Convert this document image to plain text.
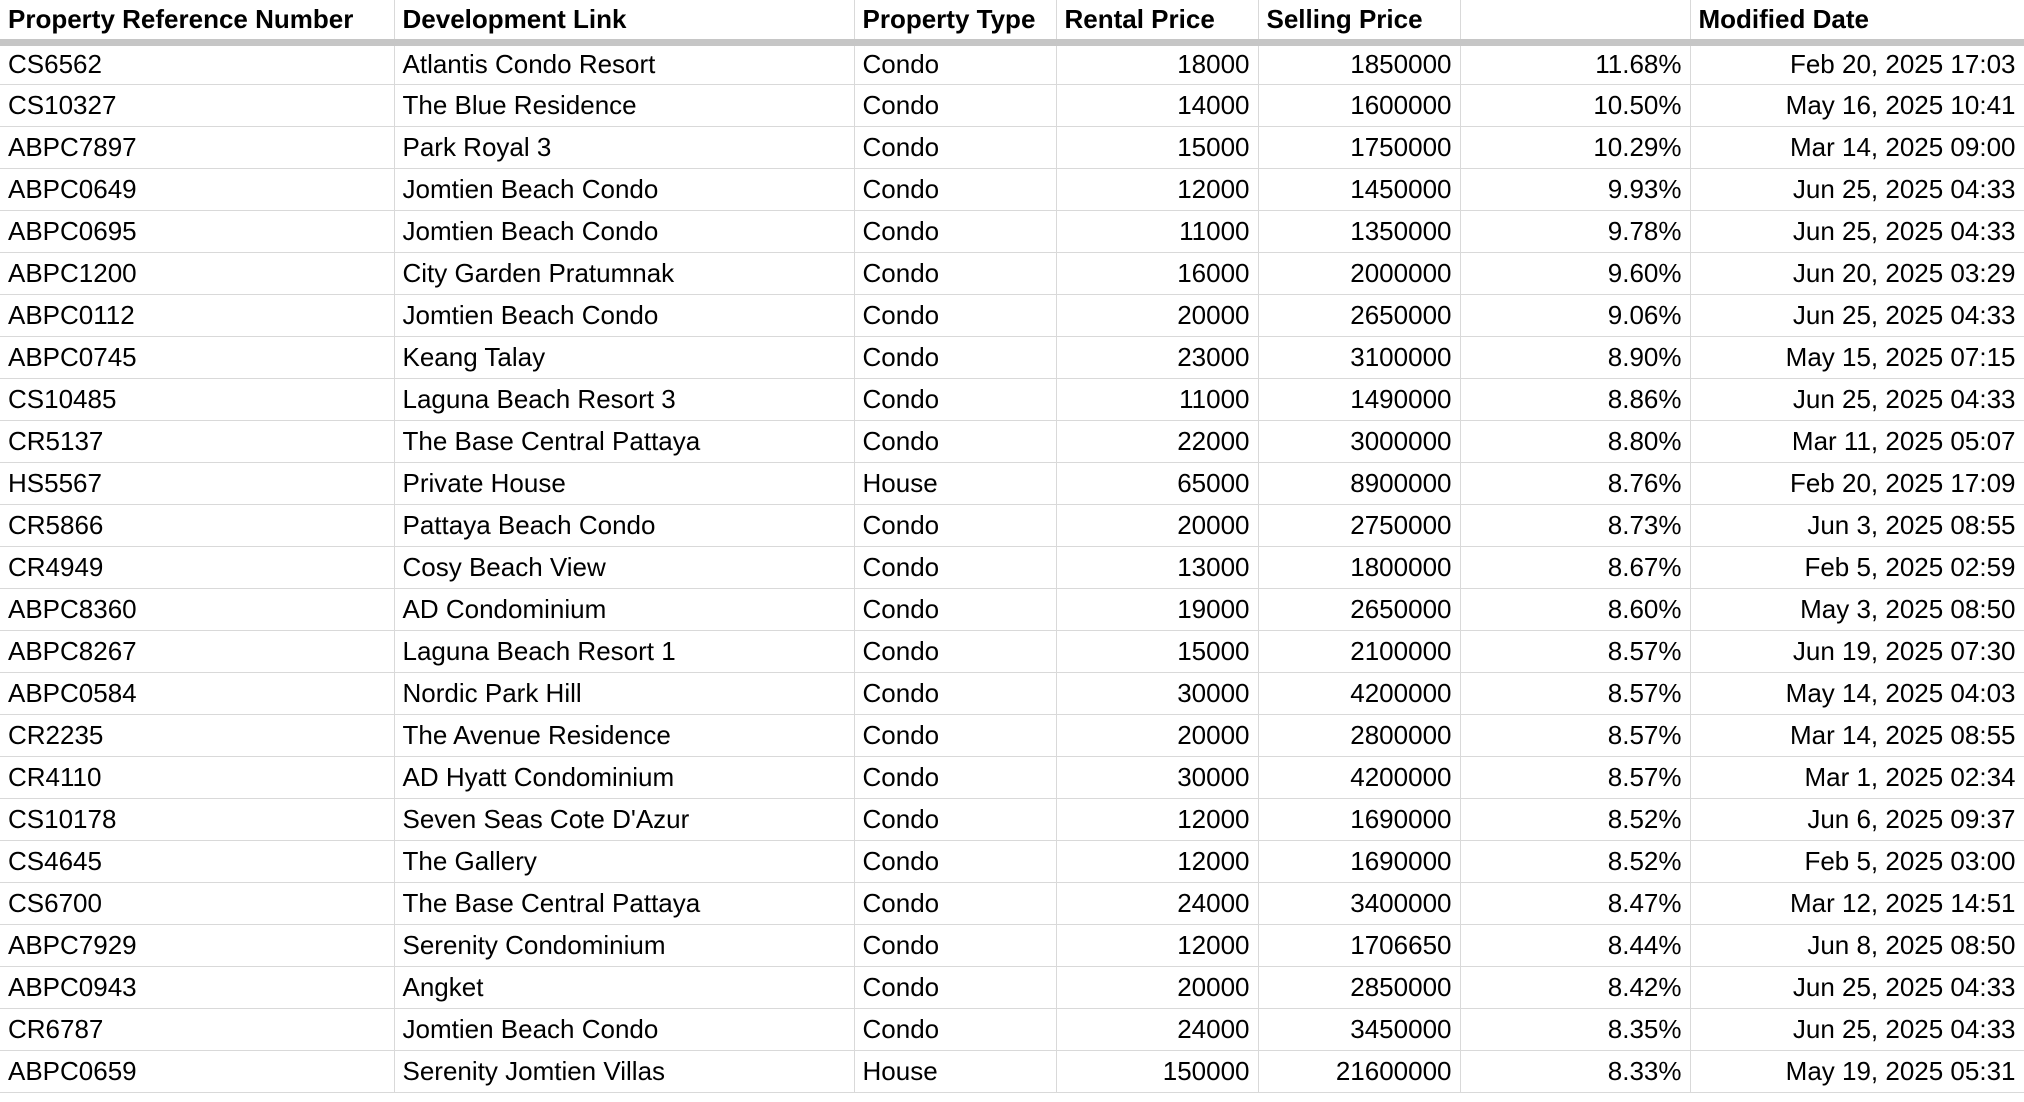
Property Reference Number	Development Link	Property Type	Rental Price	Selling Price		Modified Date
CS6562	Atlantis Condo Resort	Condo	18000	1850000	11.68%	Feb 20, 2025 17:03
CS10327	The Blue Residence	Condo	14000	1600000	10.50%	May 16, 2025 10:41
ABPC7897	Park Royal 3	Condo	15000	1750000	10.29%	Mar 14, 2025 09:00
ABPC0649	Jomtien Beach Condo	Condo	12000	1450000	9.93%	Jun 25, 2025 04:33
ABPC0695	Jomtien Beach Condo	Condo	11000	1350000	9.78%	Jun 25, 2025 04:33
ABPC1200	City Garden Pratumnak	Condo	16000	2000000	9.60%	Jun 20, 2025 03:29
ABPC0112	Jomtien Beach Condo	Condo	20000	2650000	9.06%	Jun 25, 2025 04:33
ABPC0745	Keang Talay	Condo	23000	3100000	8.90%	May 15, 2025 07:15
CS10485	Laguna Beach Resort 3	Condo	11000	1490000	8.86%	Jun 25, 2025 04:33
CR5137	The Base Central Pattaya	Condo	22000	3000000	8.80%	Mar 11, 2025 05:07
HS5567	Private House	House	65000	8900000	8.76%	Feb 20, 2025 17:09
CR5866	Pattaya Beach Condo	Condo	20000	2750000	8.73%	Jun 3, 2025 08:55
CR4949	Cosy Beach View	Condo	13000	1800000	8.67%	Feb 5, 2025 02:59
ABPC8360	AD Condominium	Condo	19000	2650000	8.60%	May 3, 2025 08:50
ABPC8267	Laguna Beach Resort 1	Condo	15000	2100000	8.57%	Jun 19, 2025 07:30
ABPC0584	Nordic Park Hill	Condo	30000	4200000	8.57%	May 14, 2025 04:03
CR2235	The Avenue Residence	Condo	20000	2800000	8.57%	Mar 14, 2025 08:55
CR4110	AD Hyatt Condominium	Condo	30000	4200000	8.57%	Mar 1, 2025 02:34
CS10178	Seven Seas Cote D'Azur	Condo	12000	1690000	8.52%	Jun 6, 2025 09:37
CS4645	The Gallery	Condo	12000	1690000	8.52%	Feb 5, 2025 03:00
CS6700	The Base Central Pattaya	Condo	24000	3400000	8.47%	Mar 12, 2025 14:51
ABPC7929	Serenity Condominium	Condo	12000	1706650	8.44%	Jun 8, 2025 08:50
ABPC0943	Angket	Condo	20000	2850000	8.42%	Jun 25, 2025 04:33
CR6787	Jomtien Beach Condo	Condo	24000	3450000	8.35%	Jun 25, 2025 04:33
ABPC0659	Serenity Jomtien Villas	House	150000	21600000	8.33%	May 19, 2025 05:31
